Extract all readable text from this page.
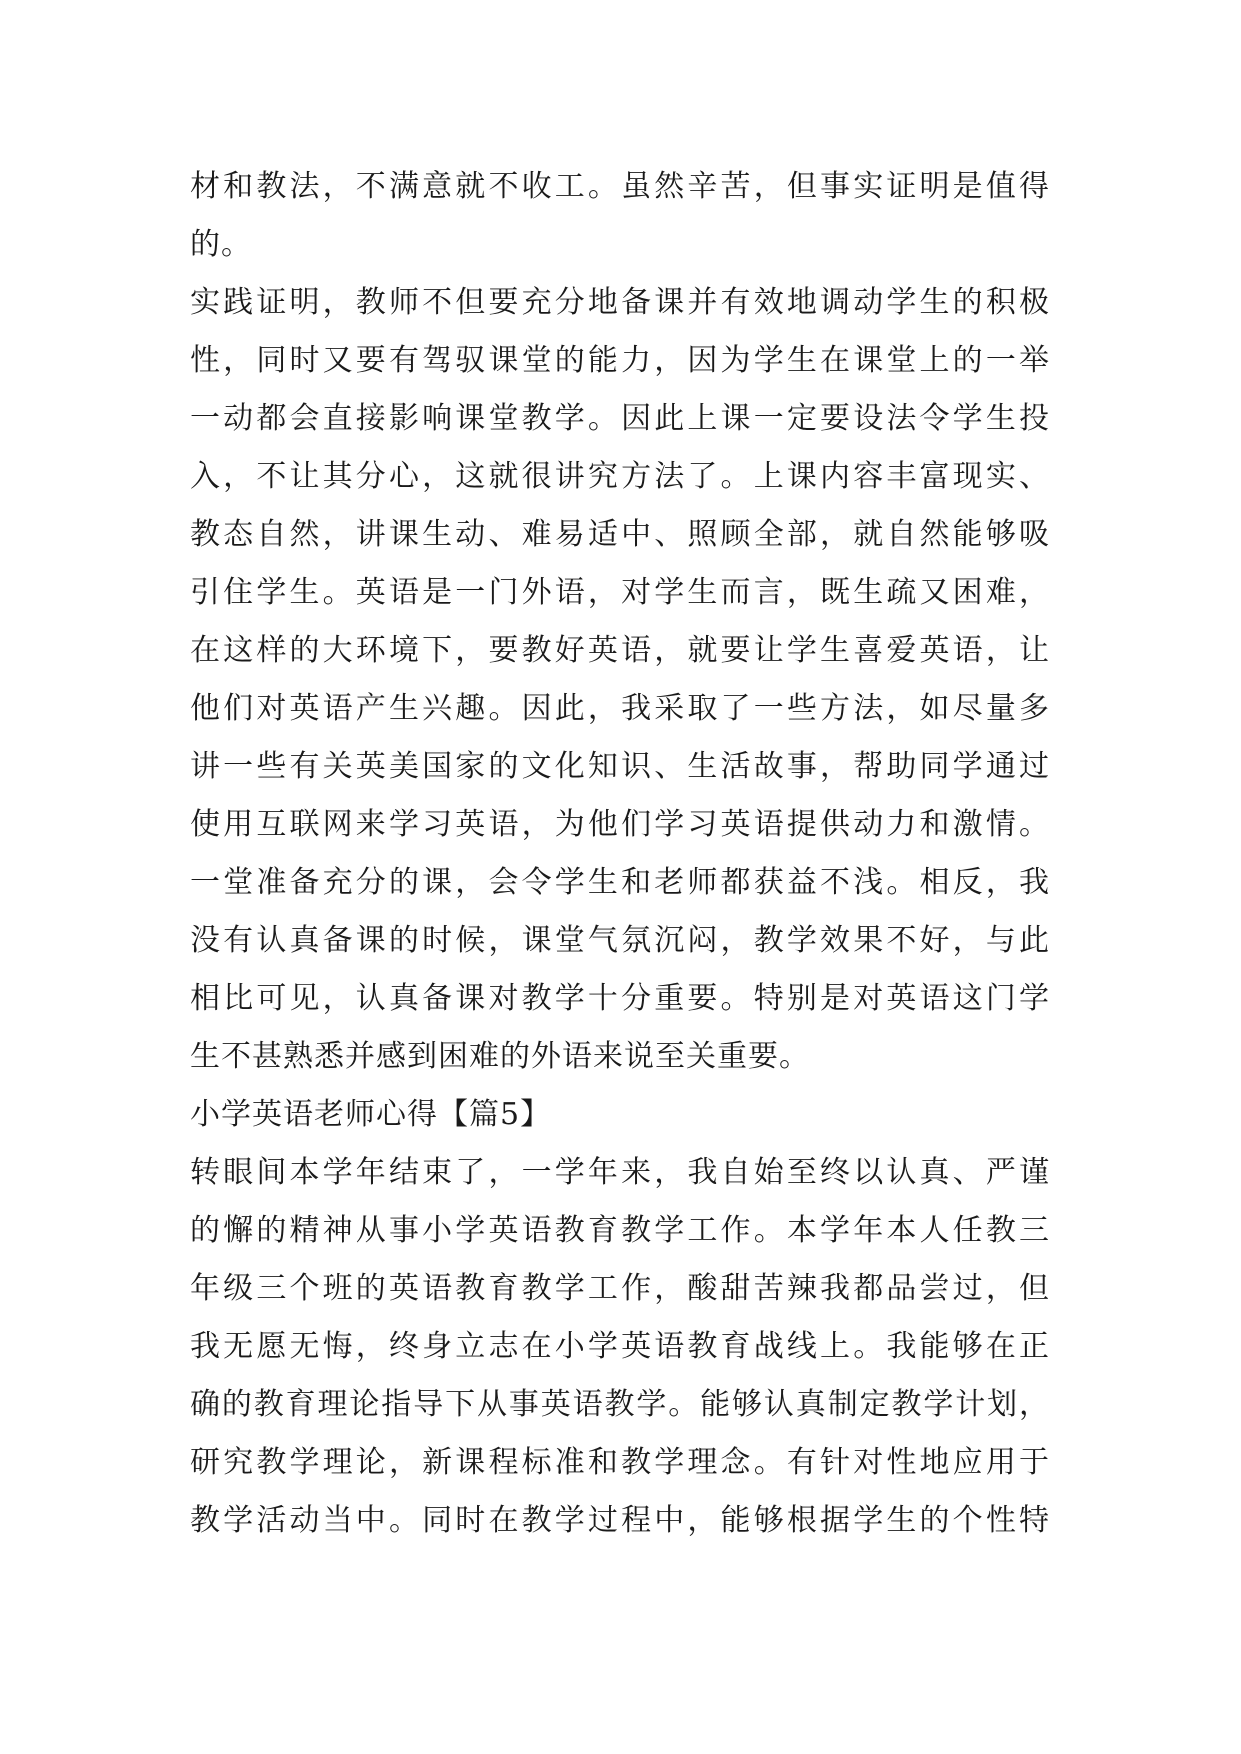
材和教法，不满意就不收工。虽然辛苦，但事实证明是值得
的。
实践证明，教师不但要充分地备课并有效地调动学生的积极
性，同时又要有驾驭课堂的能力，因为学生在课堂上的一举
一动都会直接影响课堂教学。因此上课一定要设法令学生投
入，不让其分心，这就很讲究方法了。上课内容丰富现实、
教态自然，讲课生动、难易适中、照顾全部，就自然能够吸
引住学生。英语是一门外语，对学生而言，既生疏又困难，
在这样的大环境下，要教好英语，就要让学生喜爱英语，让
他们对英语产生兴趣。因此，我采取了一些方法，如尽量多
讲一些有关英美国家的文化知识、生活故事，帮助同学通过
使用互联网来学习英语，为他们学习英语提供动力和激情。
一堂准备充分的课，会令学生和老师都获益不浅。相反，我
没有认真备课的时候，课堂气氛沉闷，教学效果不好，与此
相比可见，认真备课对教学十分重要。特别是对英语这门学
生不甚熟悉并感到困难的外语来说至关重要。
小学英语老师心得【篇5】
转眼间本学年结束了，一学年来，我自始至终以认真、严谨
的懈的精神从事小学英语教育教学工作。本学年本人任教三
年级三个班的英语教育教学工作，酸甜苦辣我都品尝过，但
我无愿无悔，终身立志在小学英语教育战线上。我能够在正
确的教育理论指导下从事英语教学。能够认真制定教学计划，
研究教学理论，新课程标准和教学理念。有针对性地应用于
教学活动当中。同时在教学过程中，能够根据学生的个性特
